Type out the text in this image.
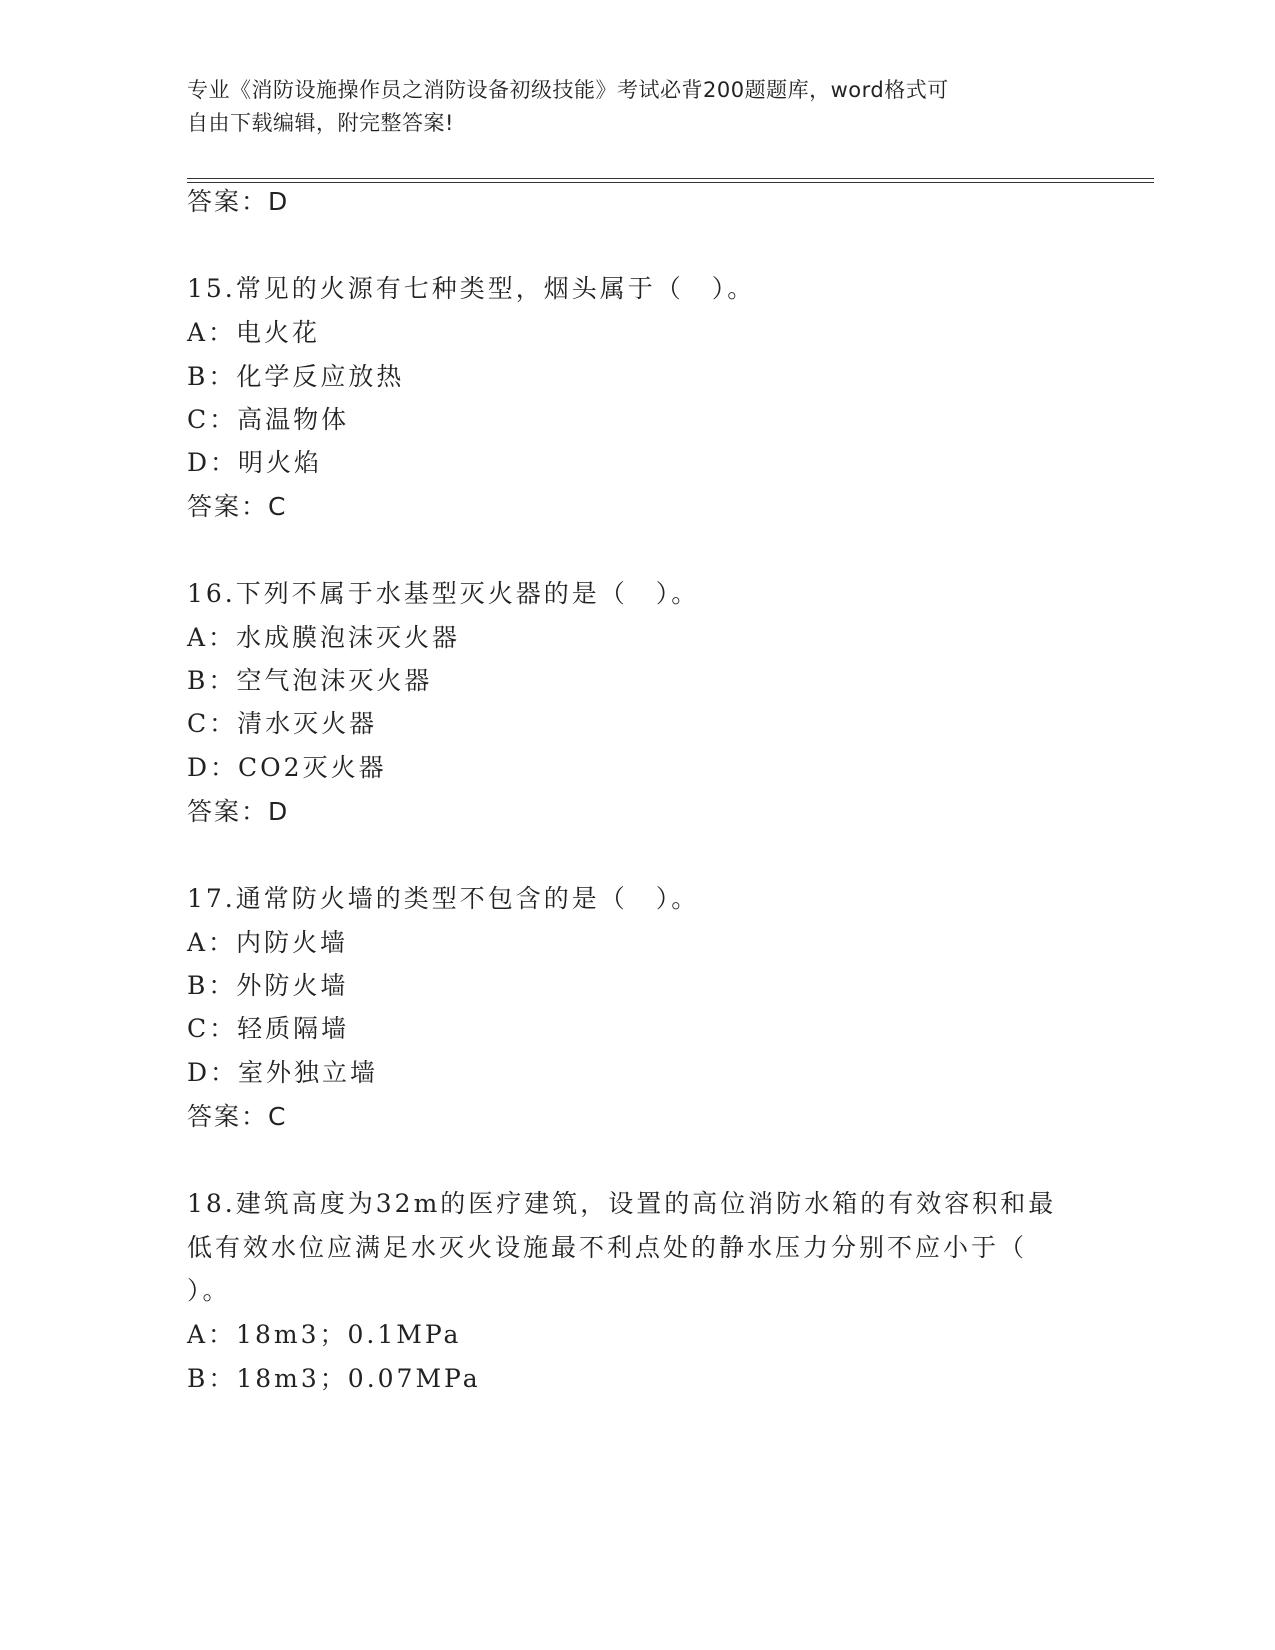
专业《消防设施操作员之消防设备初级技能》考试必背200题题库，word格式可
自由下载编辑，附完整答案!
答案：D
15.常见的火源有七种类型，烟头属于（　）。
A：电火花
B：化学反应放热
C：高温物体
D：明火焰
答案：C
16.下列不属于水基型灭火器的是（　）。
A：水成膜泡沫灭火器
B：空气泡沫灭火器
C：清水灭火器
D：CO2灭火器
答案：D
17.通常防火墙的类型不包含的是（　）。
A：内防火墙
B：外防火墙
C：轻质隔墙
D：室外独立墙
答案：C
18.建筑高度为32m的医疗建筑，设置的高位消防水箱的有效容积和最
低有效水位应满足水灭火设施最不利点处的静水压力分别不应小于（
）。
A：18m3；0.1MPa
B：18m3；0.07MPa
